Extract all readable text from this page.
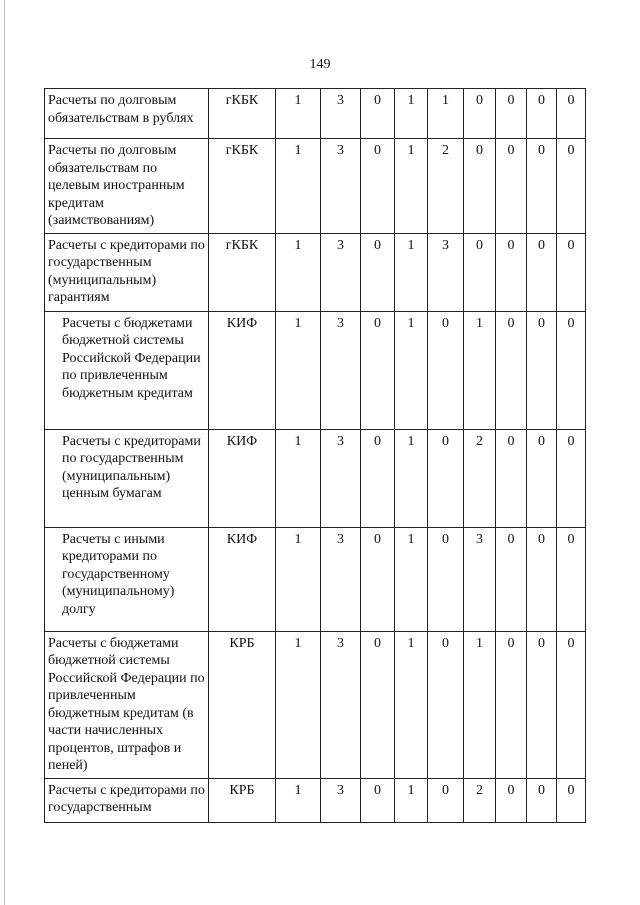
149
Расчеты по долговым обязательствам в рублях	гКБК	1	3	0	1	1	0	0	0	0
Расчеты по долговым обязательствам по целевым иностранным кредитам (заимствованиям)	гКБК	1	3	0	1	2	0	0	0	0
Расчеты с кредиторами по государственным (муниципальным) гарантиям	гКБК	1	3	0	1	3	0	0	0	0
Расчеты с бюджетами бюджетной системы Российской Федерации по привлеченным бюджетным кредитам	КИФ	1	3	0	1	0	1	0	0	0
Расчеты с кредиторами по государственным (муниципальным) ценным бумагам	КИФ	1	3	0	1	0	2	0	0	0
Расчеты с иными кредиторами по государственному (муниципальному) долгу	КИФ	1	3	0	1	0	3	0	0	0
Расчеты с бюджетами бюджетной системы Российской Федерации по привлеченным бюджетным кредитам (в части начисленных процентов, штрафов и пеней)	КРБ	1	3	0	1	0	1	0	0	0
Расчеты с кредиторами по государственным	КРБ	1	3	0	1	0	2	0	0	0
